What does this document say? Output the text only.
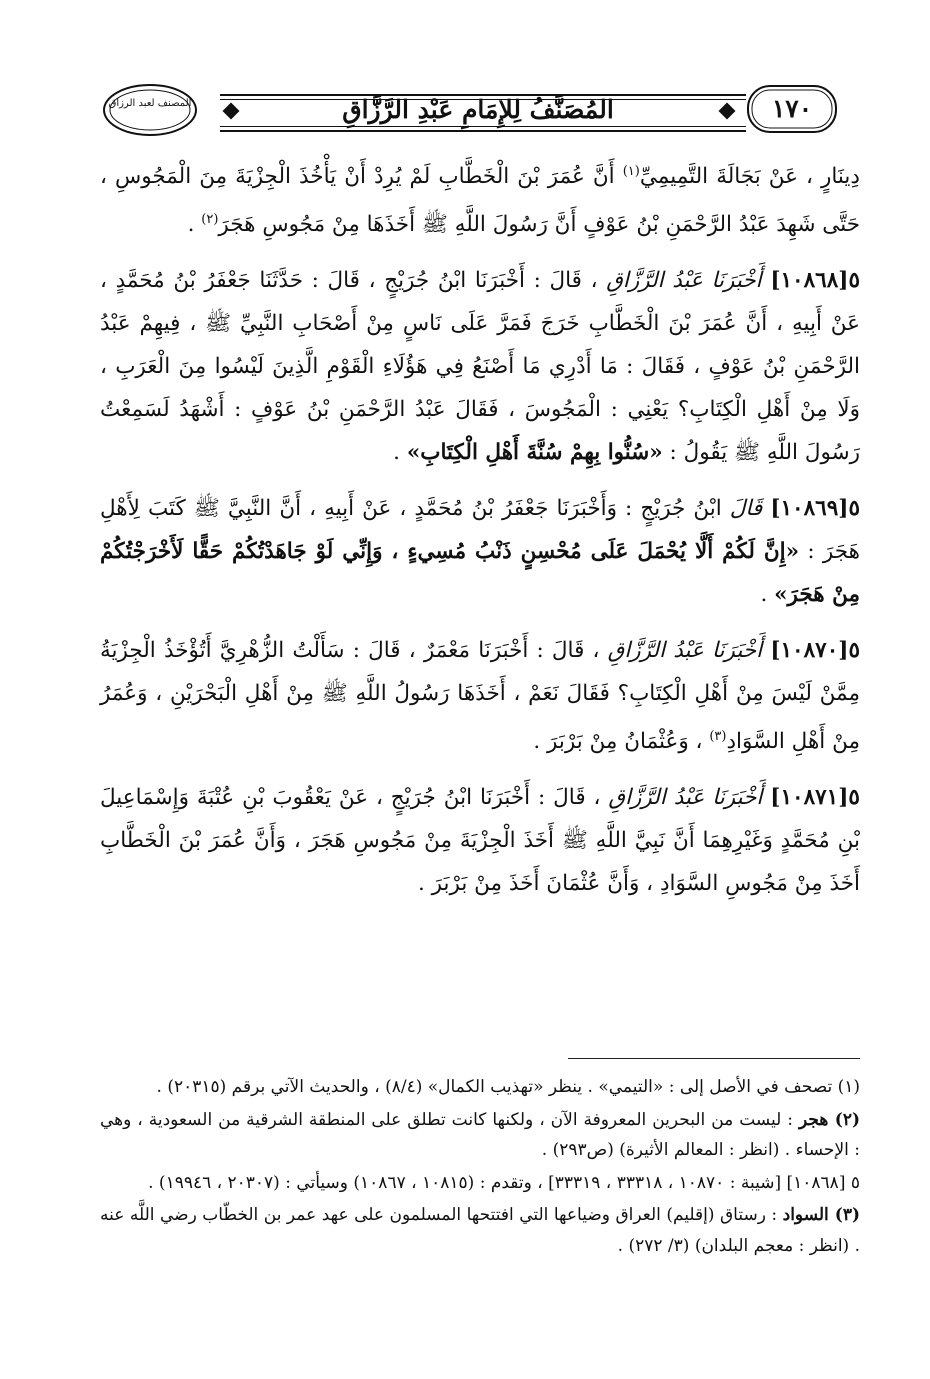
المُصَنَّفُ لِلإِمَامِ عَبْدِ الرَّزَّاقِ	١٧٠
المصنف لعبد الرزاق

دِينَارٍ ، عَنْ بَجَالَةَ التَّمِيمِيِّ$^{(١)}$ أَنَّ عُمَرَ بْنَ الْخَطَّابِ لَمْ يُرِدْ أَنْ يَأْخُذَ الْجِزْيَةَ مِنَ الْمَجُوسِ ، حَتَّى شَهِدَ عَبْدُ الرَّحْمَنِ بْنُ عَوْفٍ أَنَّ رَسُولَ اللَّهِ ﷺ أَخَذَهَا مِنْ مَجُوسِ هَجَرَ$^{(٢)}$ .

٥[١٠٨٦٨] أَخْبَرَنَا عَبْدُ الرَّزَّاقِ ، قَالَ : أَخْبَرَنَا ابْنُ جُرَيْجٍ ، قَالَ : حَدَّثَنَا جَعْفَرُ بْنُ مُحَمَّدٍ ، عَنْ أَبِيهِ ، أَنَّ عُمَرَ بْنَ الْخَطَّابِ خَرَجَ فَمَرَّ عَلَى نَاسٍ مِنْ أَصْحَابِ النَّبِيِّ ﷺ ، فِيهِمْ عَبْدُ الرَّحْمَنِ بْنُ عَوْفٍ ، فَقَالَ : مَا أَدْرِي مَا أَصْنَعُ فِي هَؤُلَاءِ الْقَوْمِ الَّذِينَ لَيْسُوا مِنَ الْعَرَبِ ، وَلَا مِنْ أَهْلِ الْكِتَابِ؟ يَعْنِي : الْمَجُوسَ ، فَقَالَ عَبْدُ الرَّحْمَنِ بْنُ عَوْفٍ : أَشْهَدُ لَسَمِعْتُ رَسُولَ اللَّهِ ﷺ يَقُولُ : «سُنُّوا بِهِمْ سُنَّةَ أَهْلِ الْكِتَابِ» .

٥[١٠٨٦٩] قَالَ ابْنُ جُرَيْجٍ : وَأَخْبَرَنَا جَعْفَرُ بْنُ مُحَمَّدٍ ، عَنْ أَبِيهِ ، أَنَّ النَّبِيَّ ﷺ كَتَبَ لِأَهْلِ هَجَرَ : «إِنَّ لَكُمْ أَلَّا يُحْمَلَ عَلَى مُحْسِنٍ ذَنْبُ مُسِيءٍ ، وَإِنِّي لَوْ جَاهَدْتُكُمْ حَقًّا لَأَخْرَجْتُكُمْ مِنْ هَجَرَ» .

٥[١٠٨٧٠] أَخْبَرَنَا عَبْدُ الرَّزَّاقِ ، قَالَ : أَخْبَرَنَا مَعْمَرٌ ، قَالَ : سَأَلْتُ الزُّهْرِيَّ أَتُؤْخَذُ الْجِزْيَةُ مِمَّنْ لَيْسَ مِنْ أَهْلِ الْكِتَابِ؟ فَقَالَ نَعَمْ ، أَخَذَهَا رَسُولُ اللَّهِ ﷺ مِنْ أَهْلِ الْبَحْرَيْنِ ، وَعُمَرُ مِنْ أَهْلِ السَّوَادِ$^{(٣)}$ ، وَعُثْمَانُ مِنْ بَرْبَرَ .

٥[١٠٨٧١] أَخْبَرَنَا عَبْدُ الرَّزَّاقِ ، قَالَ : أَخْبَرَنَا ابْنُ جُرَيْجٍ ، عَنْ يَعْقُوبَ بْنِ عُتْبَةَ وَإِسْمَاعِيلَ بْنِ مُحَمَّدٍ وَغَيْرِهِمَا أَنَّ نَبِيَّ اللَّهِ ﷺ أَخَذَ الْجِزْيَةَ مِنْ مَجُوسِ هَجَرَ ، وَأَنَّ عُمَرَ بْنَ الْخَطَّابِ أَخَذَ مِنْ مَجُوسِ السَّوَادِ ، وَأَنَّ عُثْمَانَ أَخَذَ مِنْ بَرْبَرَ .

(١) تصحف في الأصل إلى : «التيمي» . ينظر «تهذيب الكمال» (٨/٤) ، والحديث الآتي برقم (٢٠٣١٥) .

(٢) هجر : ليست من البحرين المعروفة الآن ، ولكنها كانت تطلق على المنطقة الشرقية من السعودية ، وهي : الإحساء . (انظر : المعالم الأثيرة) (ص٢٩٣) .

٥ [١٠٨٦٨] [شيبة : ١٠٨٧٠ ، ٣٣٣١٨ ، ٣٣٣١٩] ، وتقدم : (١٠٨١٥ ، ١٠٨٦٧) وسيأتي : (٢٠٣٠٧ ، ١٩٩٤٦) .

(٣) السواد : رستاق (إقليم) العراق وضياعها التي افتتحها المسلمون على عهد عمر بن الخطّاب رضي اللَّه عنه . (انظر : معجم البلدان) (٣/ ٢٧٢) .
